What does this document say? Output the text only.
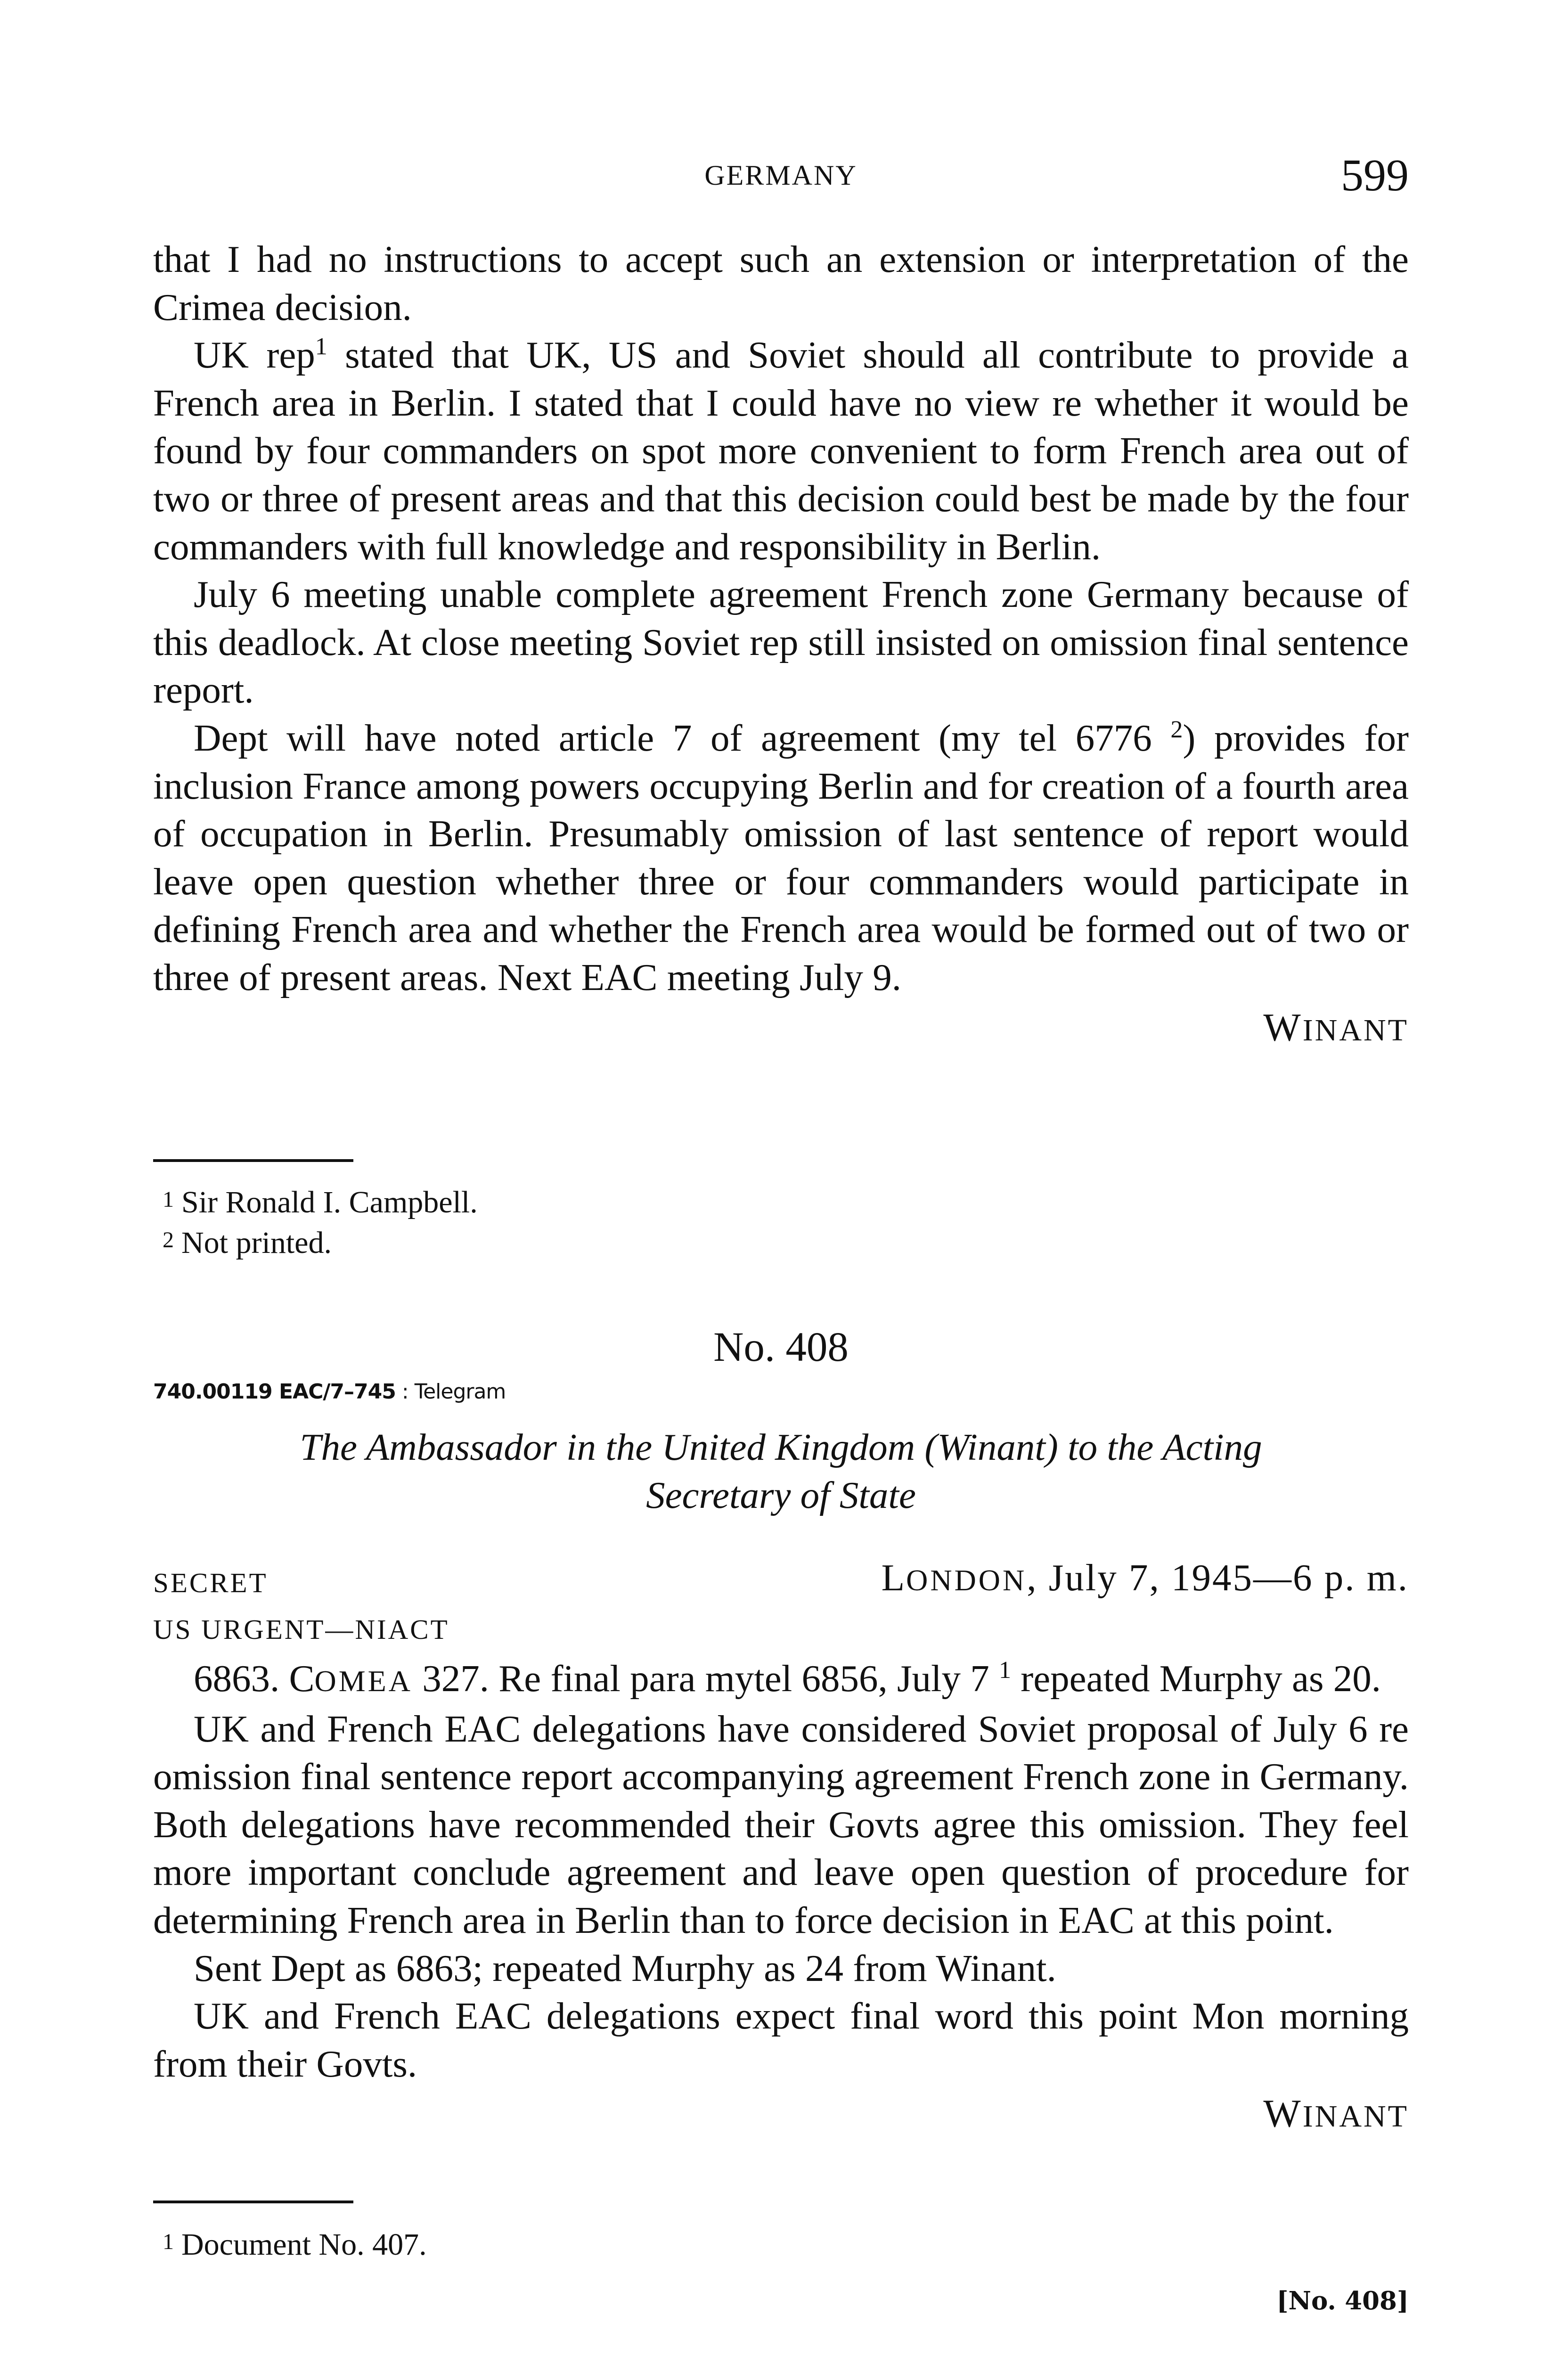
GERMANY	599

that I had no instructions to accept such an extension or interpretation of the Crimea decision.

UK rep$^1$ stated that UK, US and Soviet should all contribute to provide a French area in Berlin. I stated that I could have no view re whether it would be found by four commanders on spot more convenient to form French area out of two or three of present areas and that this decision could best be made by the four commanders with full knowledge and responsibility in Berlin.

July 6 meeting unable complete agreement French zone Germany because of this deadlock. At close meeting Soviet rep still insisted on omission final sentence report.

Dept will have noted article 7 of agreement (my tel 6776 $^2$) provides for inclusion France among powers occupying Berlin and for creation of a fourth area of occupation in Berlin. Presumably omission of last sentence of report would leave open question whether three or four commanders would participate in defining French area and whether the French area would be formed out of two or three of present areas. Next EAC meeting July 9.

WINANT

1 Sir Ronald I. Campbell.
2 Not printed.
No. 408
740.00119 EAC/7–745 : Telegram
The Ambassador in the United Kingdom (Winant) to the Acting
Secretary of State
SECRET	LONDON, July 7, 1945—6 p. m.
US URGENT—NIACT

6863. COMEA 327. Re final para mytel 6856, July 7 $^1$ repeated Murphy as 20.

UK and French EAC delegations have considered Soviet proposal of July 6 re omission final sentence report accompanying agreement French zone in Germany. Both delegations have recommended their Govts agree this omission. They feel more important conclude agreement and leave open question of procedure for determining French area in Berlin than to force decision in EAC at this point.

Sent Dept as 6863; repeated Murphy as 24 from Winant.

UK and French EAC delegations expect final word this point Mon morning from their Govts.

WINANT

1 Document No. 407.
[No. 408]
